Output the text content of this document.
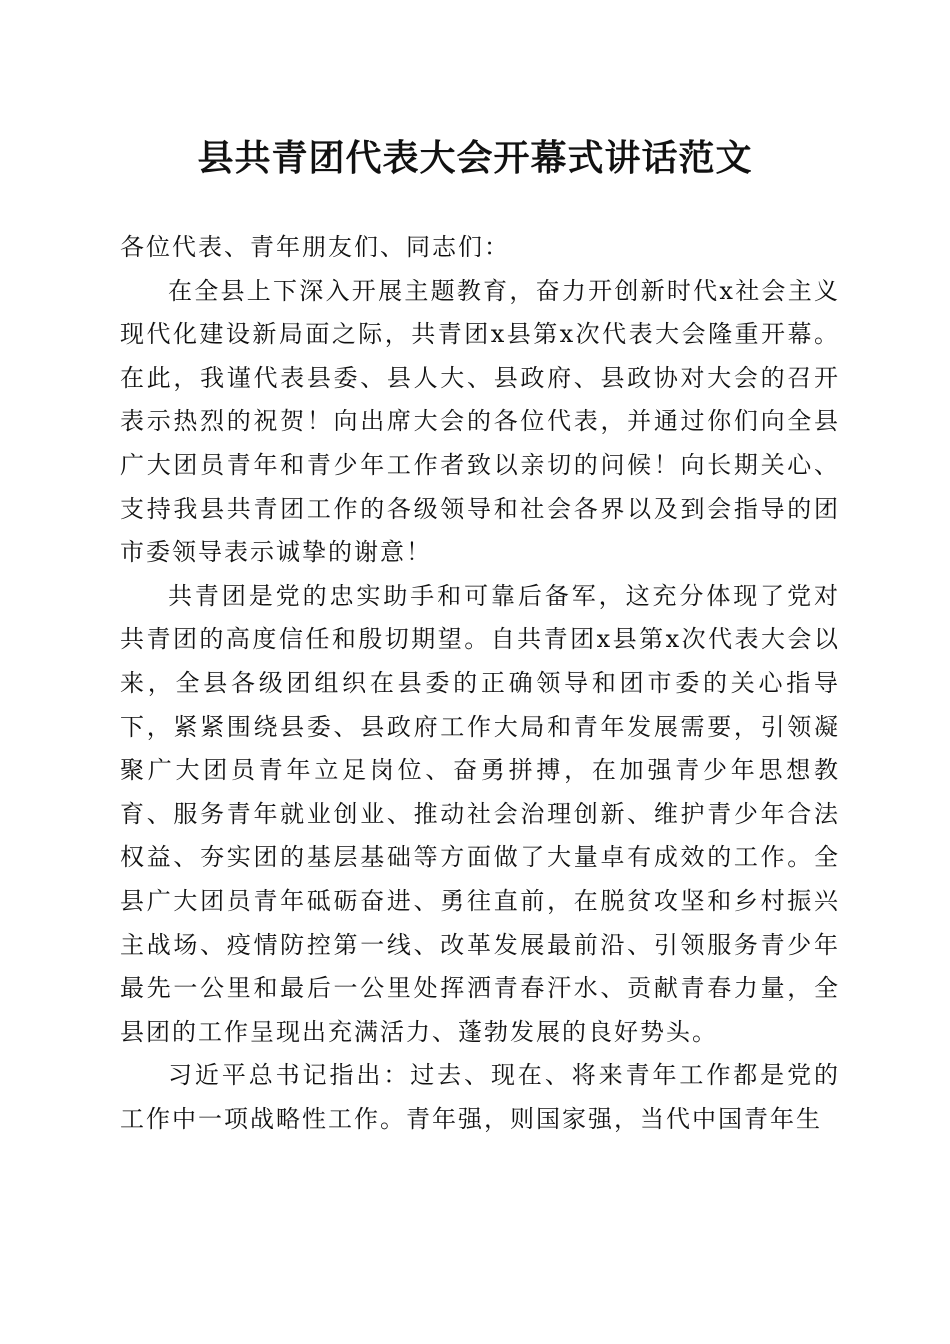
县共青团代表大会开幕式讲话范文

各位代表、青年朋友们、同志们：

在全县上下深入开展主题教育，奋力开创新时代x社会主义现代化建设新局面之际，共青团x县第x次代表大会隆重开幕。在此，我谨代表县委、县人大、县政府、县政协对大会的召开表示热烈的祝贺！向出席大会的各位代表，并通过你们向全县广大团员青年和青少年工作者致以亲切的问候！向长期关心、支持我县共青团工作的各级领导和社会各界以及到会指导的团市委领导表示诚挚的谢意！

共青团是党的忠实助手和可靠后备军，这充分体现了党对共青团的高度信任和殷切期望。自共青团x县第x次代表大会以来，全县各级团组织在县委的正确领导和团市委的关心指导下，紧紧围绕县委、县政府工作大局和青年发展需要，引领凝聚广大团员青年立足岗位、奋勇拼搏，在加强青少年思想教育、服务青年就业创业、推动社会治理创新、维护青少年合法权益、夯实团的基层基础等方面做了大量卓有成效的工作。全县广大团员青年砥砺奋进、勇往直前，在脱贫攻坚和乡村振兴主战场、疫情防控第一线、改革发展最前沿、引领服务青少年最先一公里和最后一公里处挥洒青春汗水、贡献青春力量，全县团的工作呈现出充满活力、蓬勃发展的良好势头。

习近平总书记指出：过去、现在、将来青年工作都是党的工作中一项战略性工作。青年强，则国家强，当代中国青年生
